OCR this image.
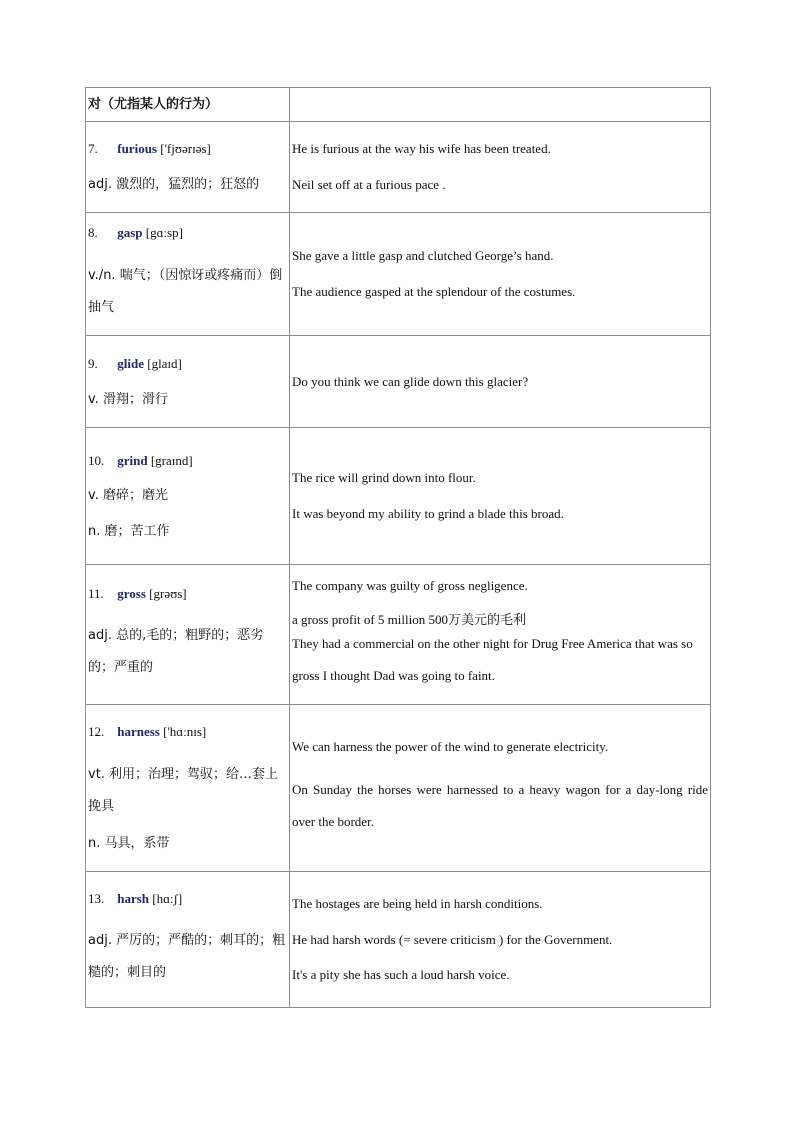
对（尤指某人的行为）	

7. furious ['fjʊərɪəs]
adj. 激烈的，猛烈的；狂怒的	He is furious at the way his wife has been treated.
Neil set off at a furious pace .

8. gasp [gɑːsp]
v./n. 喘气；（因惊讶或疼痛而）倒抽气	She gave a little gasp and clutched George’s hand.
The audience gasped at the splendour of the costumes.

9. glide [glaɪd]
v. 滑翔；滑行	Do you think we can glide down this glacier?

10. grind [graɪnd]
v. 磨碎；磨光
n. 磨；苦工作	The rice will grind down into flour.
It was beyond my ability to grind a blade this broad.

11. gross [grəʊs]
adj. 总的,毛的；粗野的；恶劣的；严重的	The company was guilty of gross negligence.
a gross profit of 5 million 500万美元的毛利
They had a commercial on the other night for Drug Free America that was so gross I thought Dad was going to faint.

12. harness ['hɑːnɪs]
vt. 利用；治理；驾驭；给…套上挽具
n. 马具，系带	We can harness the power of the wind to generate electricity.
On Sunday the horses were harnessed to a heavy wagon for a day-long ride over the border.

13. harsh [hɑːʃ]
adj. 严厉的；严酷的；刺耳的；粗糙的；刺目的	The hostages are being held in harsh conditions.
He had harsh words (= severe criticism ) for the Government.
It's a pity she has such a loud harsh voice.
